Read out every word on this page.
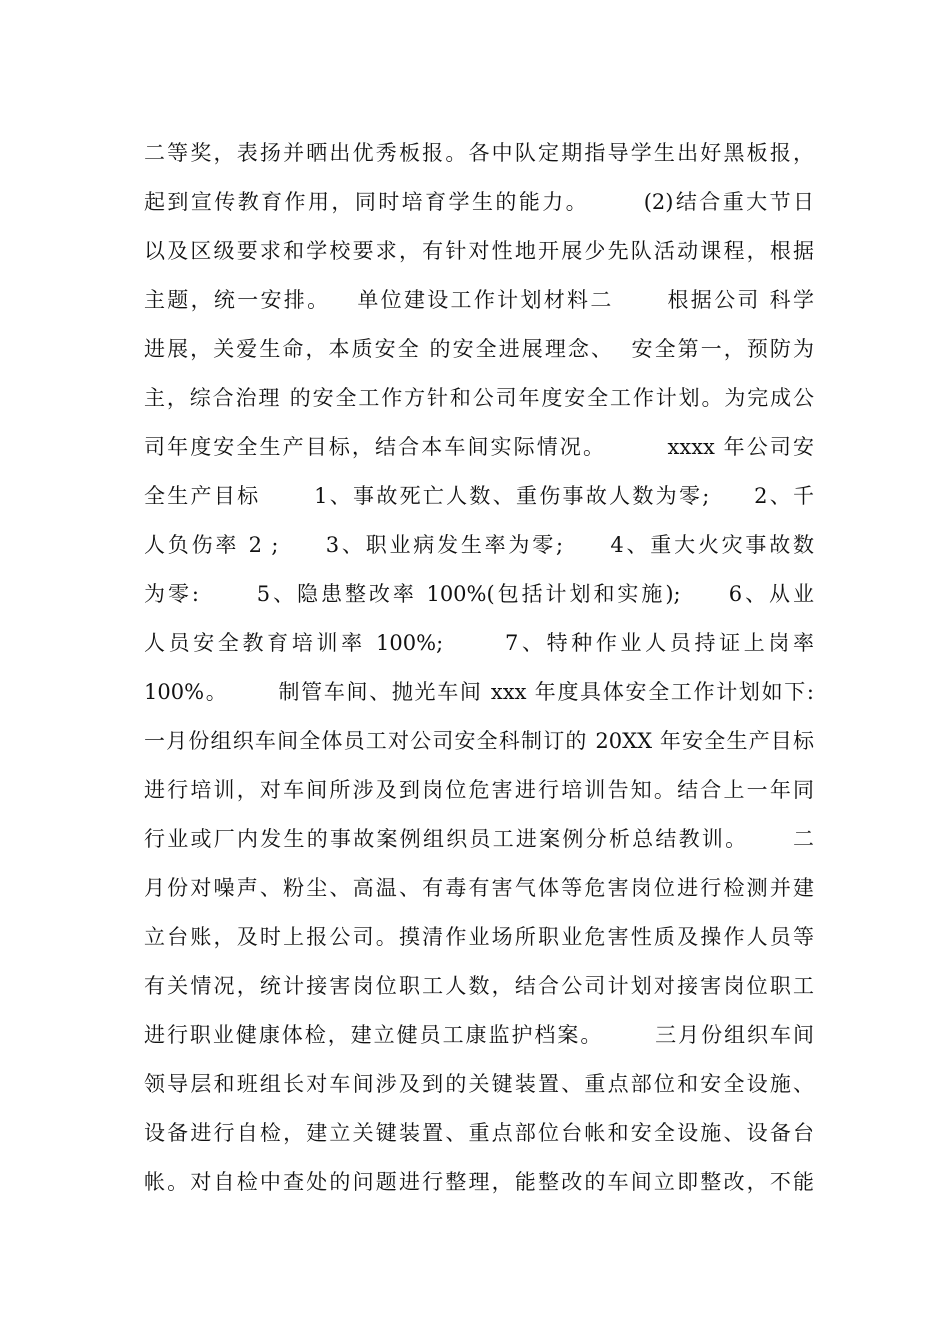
二等奖，表扬并晒出优秀板报。各中队定期指导学生出好黑板报，
起到宣传教育作用，同时培育学生的能力。      (2)结合重大节日
以及区级要求和学校要求，有针对性地开展少先队活动课程，根据
主题，统一安排。   单位建设工作计划材料二      根据公司 科学
进展，关爱生命，本质安全 的安全进展理念、  安全第一，预防为
主，综合治理 的安全工作方针和公司年度安全工作计划。为完成公
司年度安全生产目标，结合本车间实际情况。       xxxx 年公司安
全生产目标      1、事故死亡人数、重伤事故人数为零;     2、千
人负伤率 2 ;     3、职业病发生率为零;     4、重大火灾事故数
为零:      5、隐患整改率 100%(包括计划和实施);     6、从业
人员安全教育培训率 100%;      7、特种作业人员持证上岗率
100%。      制管车间、抛光车间 xxx 年度具体安全工作计划如下:
一月份组织车间全体员工对公司安全科制订的 20XX 年安全生产目标
进行培训，对车间所涉及到岗位危害进行培训告知。结合上一年同
行业或厂内发生的事故案例组织员工进案例分析总结教训。     二
月份对噪声、粉尘、高温、有毒有害气体等危害岗位进行检测并建
立台账，及时上报公司。摸清作业场所职业危害性质及操作人员等
有关情况，统计接害岗位职工人数，结合公司计划对接害岗位职工
进行职业健康体检，建立健员工康监护档案。      三月份组织车间
领导层和班组长对车间涉及到的关键装置、重点部位和安全设施、
设备进行自检，建立关键装置、重点部位台帐和安全设施、设备台
帐。对自检中查处的问题进行整理，能整改的车间立即整改，不能
